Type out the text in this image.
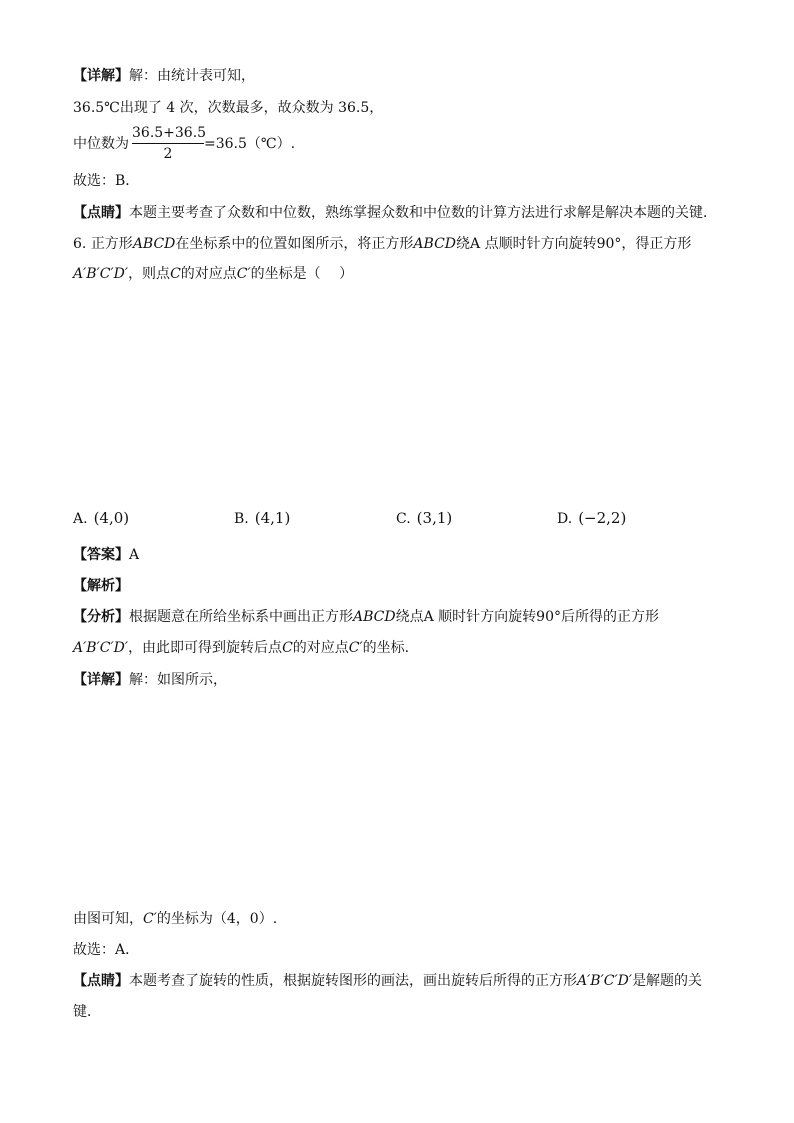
【详解】解：由统计表可知，
36.5℃出现了 4 次，次数最多，故众数为 36.5，
中位数为
36.5+36.5
2
=36.5（℃）.
故选：B．
【点睛】本题主要考查了众数和中位数，熟练掌握众数和中位数的计算方法进行求解是解决本题的关键．
6. 正方形ABCD在坐标系中的位置如图所示，将正方形ABCD绕A 点顺时针方向旋转90°，得正方形
A′B′C′D′，则点C的对应点C′的坐标是（　 ）
A. (4,0)	B. (4,1)	C. (3,1)	D. (−2,2)
【答案】A
【解析】
【分析】根据题意在所给坐标系中画出正方形ABCD绕点A 顺时针方向旋转90°后所得的正方形
A′B′C′D′，由此即可得到旋转后点C的对应点C′的坐标.
【详解】解：如图所示，
由图可知，C′的坐标为（4，0）.
故选：A．
【点睛】本题考查了旋转的性质，根据旋转图形的画法，画出旋转后所得的正方形A′B′C′D′是解题的关
键．
